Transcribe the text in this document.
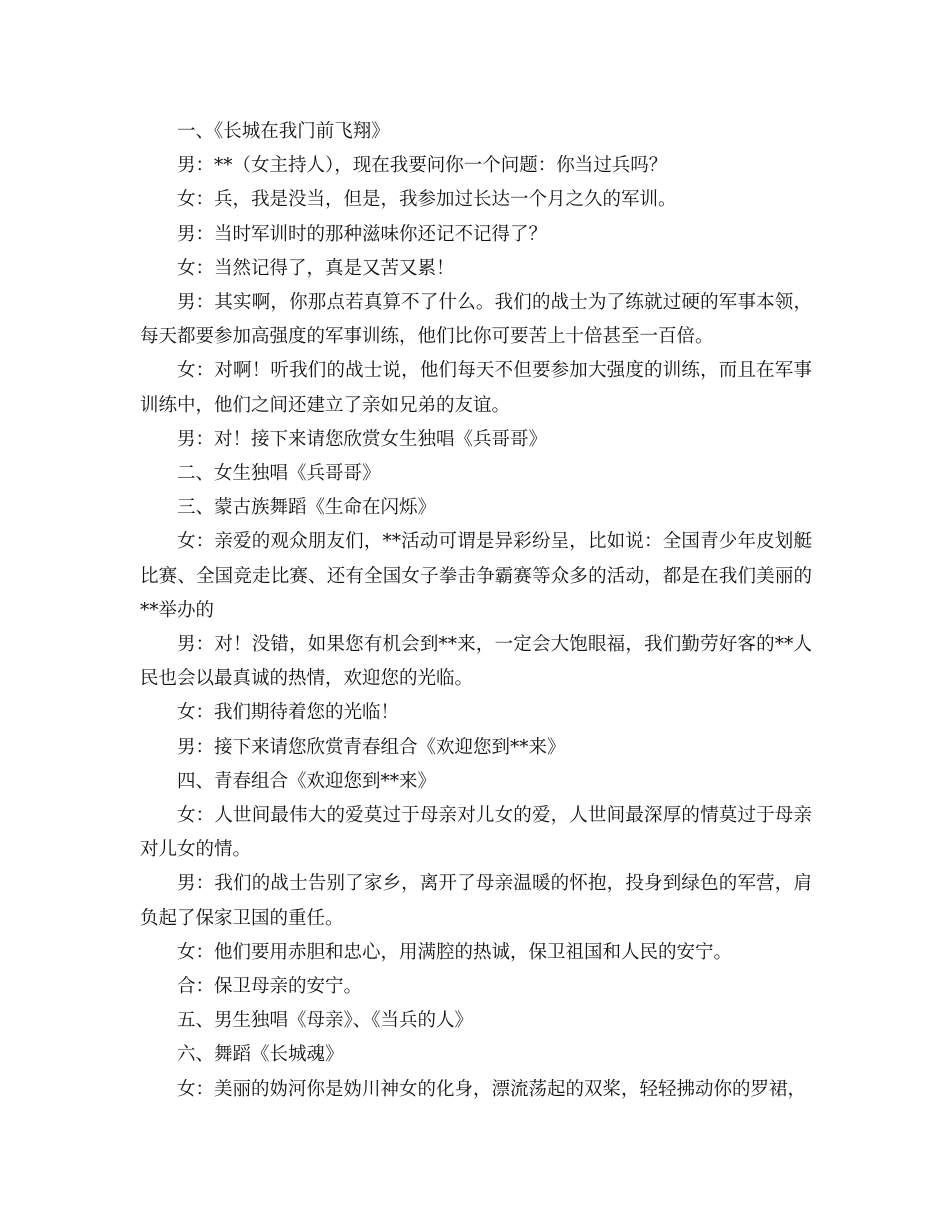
一、《长城在我门前飞翔》

男：**（女主持人），现在我要问你一个问题：你当过兵吗？

女：兵，我是没当，但是，我参加过长达一个月之久的军训。

男：当时军训时的那种滋味你还记不记得了？

女：当然记得了，真是又苦又累！

男：其实啊，你那点若真算不了什么。我们的战士为了练就过硬的军事本领，每天都要参加高强度的军事训练，他们比你可要苦上十倍甚至一百倍。

女：对啊！听我们的战士说，他们每天不但要参加大强度的训练，而且在军事训练中，他们之间还建立了亲如兄弟的友谊。

男：对！接下来请您欣赏女生独唱《兵哥哥》

二、女生独唱《兵哥哥》

三、蒙古族舞蹈《生命在闪烁》

女：亲爱的观众朋友们，**活动可谓是异彩纷呈，比如说：全国青少年皮划艇比赛、全国竞走比赛、还有全国女子拳击争霸赛等众多的活动，都是在我们美丽的**举办的

男：对！没错，如果您有机会到**来，一定会大饱眼福，我们勤劳好客的**人民也会以最真诚的热情，欢迎您的光临。

女：我们期待着您的光临！

男：接下来请您欣赏青春组合《欢迎您到**来》

四、青春组合《欢迎您到**来》

女：人世间最伟大的爱莫过于母亲对儿女的爱，人世间最深厚的情莫过于母亲对儿女的情。

男：我们的战士告别了家乡，离开了母亲温暖的怀抱，投身到绿色的军营，肩负起了保家卫国的重任。

女：他们要用赤胆和忠心，用满腔的热诚，保卫祖国和人民的安宁。

合：保卫母亲的安宁。

五、男生独唱《母亲》、《当兵的人》

六、舞蹈《长城魂》

女：美丽的妫河你是妫川神女的化身，漂流荡起的双桨，轻轻拂动你的罗裙，
